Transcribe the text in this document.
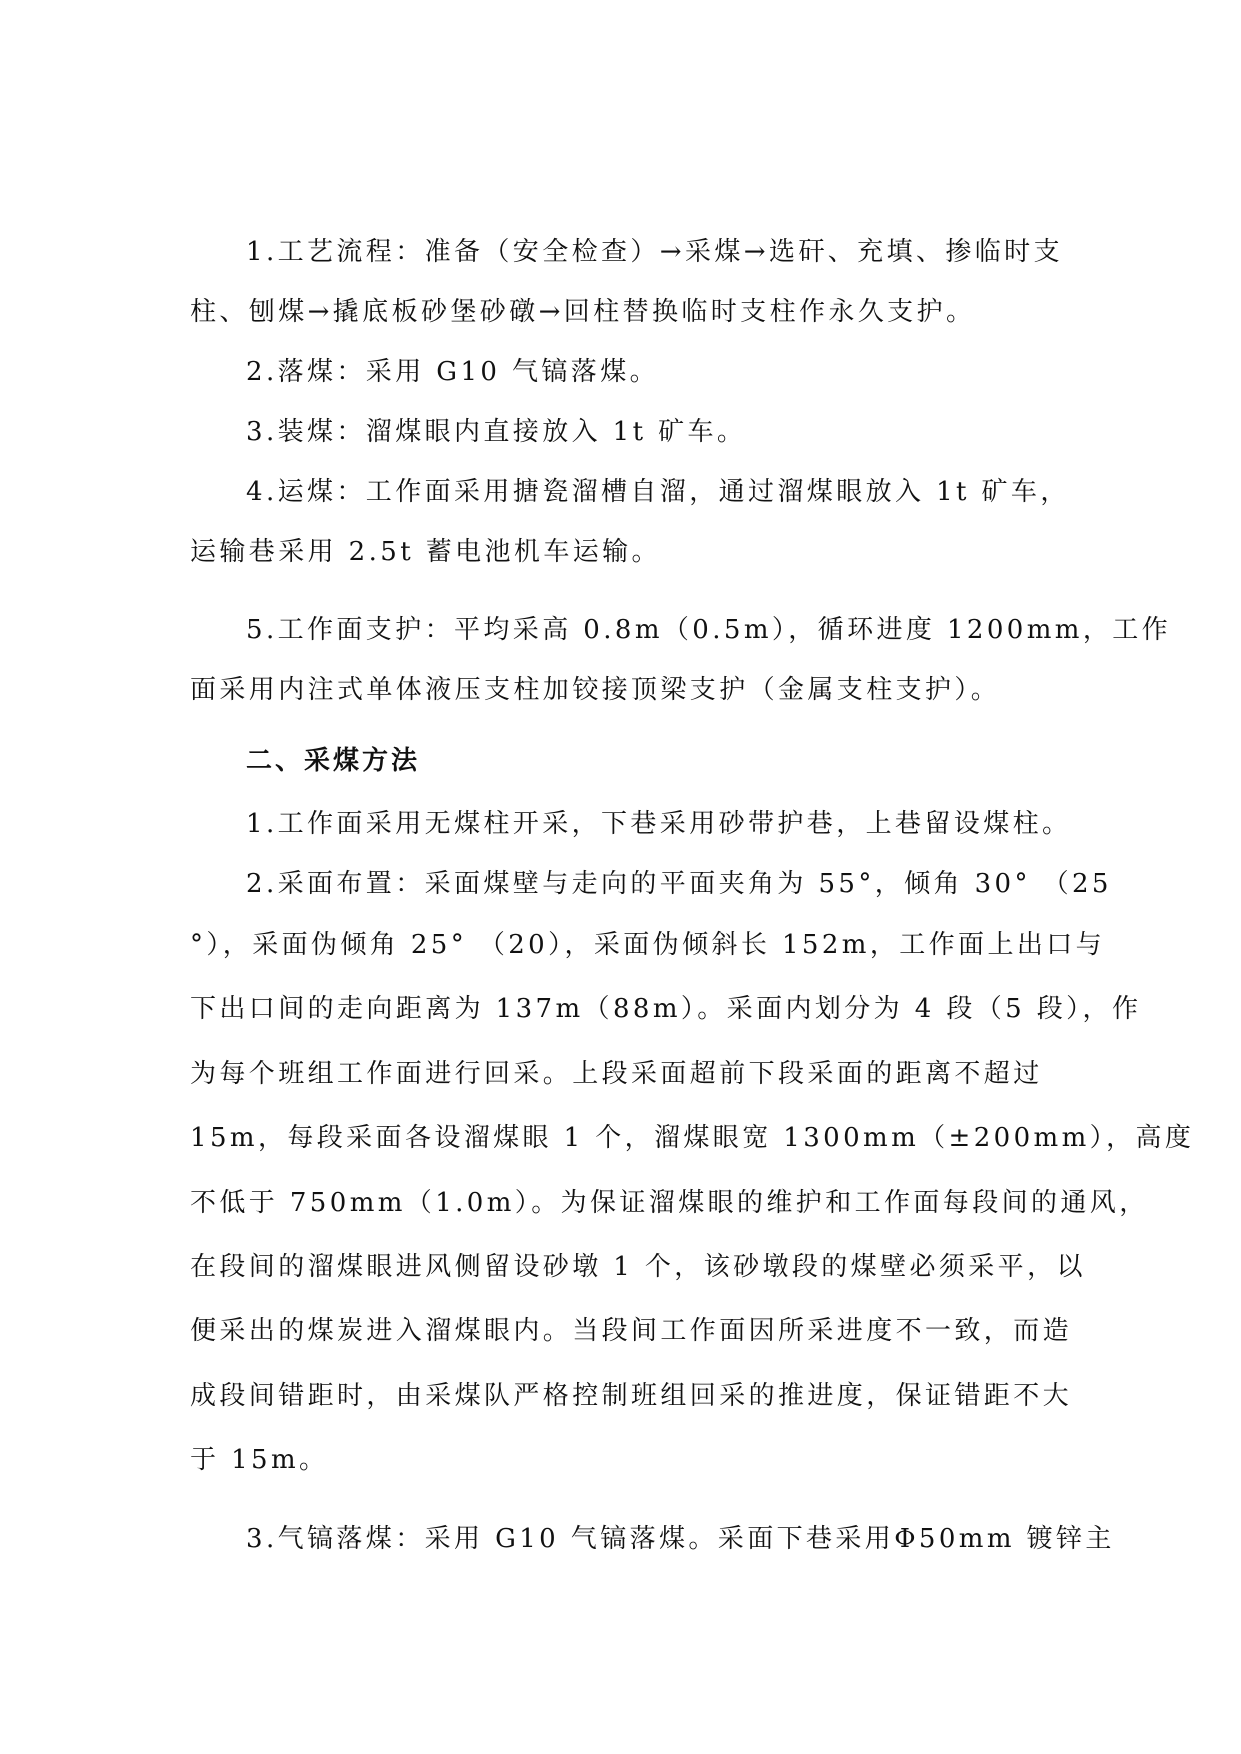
1.工艺流程：准备（安全检查）→采煤→选矸、充填、掺临时支
柱、刨煤→撬底板砂堡砂礅→回柱替换临时支柱作永久支护。
2.落煤：采用 G10 气镐落煤。
3.装煤：溜煤眼内直接放入 1t 矿车。
4.运煤：工作面采用搪瓷溜槽自溜，通过溜煤眼放入 1t 矿车，
运输巷采用 2.5t 蓄电池机车运输。
5.工作面支护：平均采高 0.8m（0.5m），循环进度 1200mm，工作
面采用内注式单体液压支柱加铰接顶梁支护（金属支柱支护）。
二、采煤方法
1.工作面采用无煤柱开采，下巷采用砂带护巷，上巷留设煤柱。
2.采面布置：采面煤壁与走向的平面夹角为 55°，倾角 30° （25
°），采面伪倾角 25° （20），采面伪倾斜长 152m，工作面上出口与
下出口间的走向距离为 137m（88m）。采面内划分为 4 段（5 段），作
为每个班组工作面进行回采。上段采面超前下段采面的距离不超过
15m，每段采面各设溜煤眼 1 个，溜煤眼宽 1300mm（±200mm），高度
不低于 750mm（1.0m）。为保证溜煤眼的维护和工作面每段间的通风，
在段间的溜煤眼进风侧留设砂墩 1 个，该砂墩段的煤壁必须采平，以
便采出的煤炭进入溜煤眼内。当段间工作面因所采进度不一致，而造
成段间错距时，由采煤队严格控制班组回采的推进度，保证错距不大
于 15m。
3.气镐落煤：采用 G10 气镐落煤。采面下巷采用Φ50mm 镀锌主
